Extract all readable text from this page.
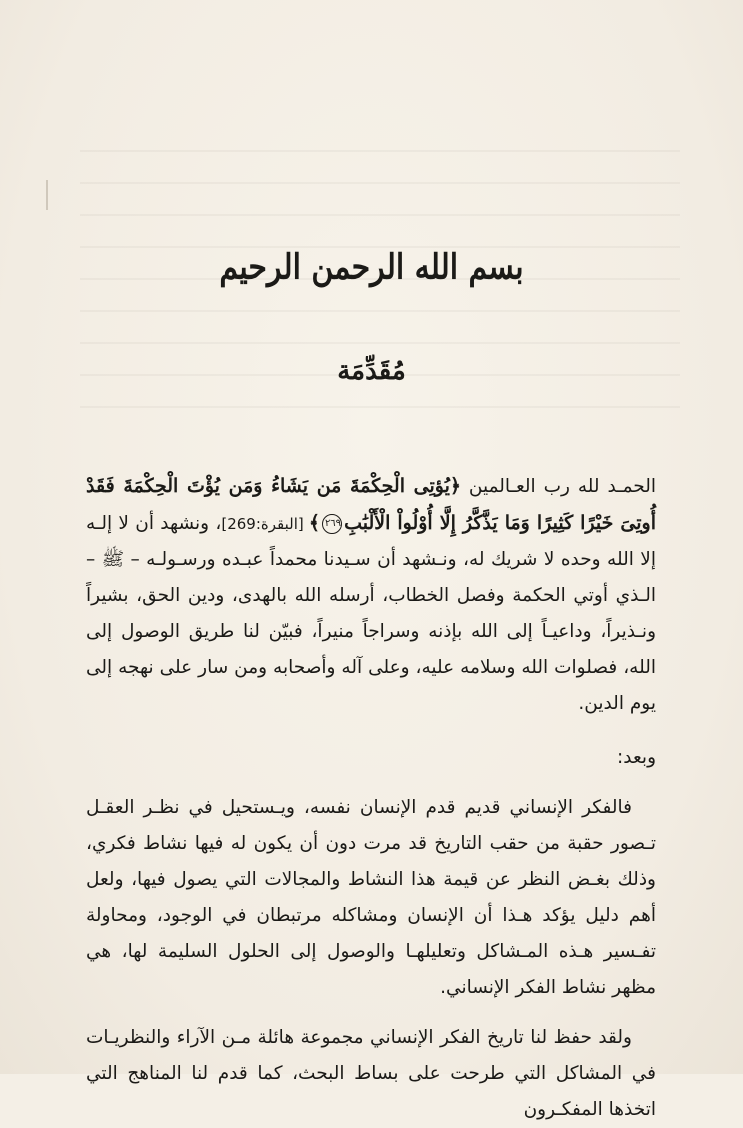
بسم الله الرحمن الرحيم
مُقَدِّمَة

الحمـد لله رب العـالمين ﴿يُؤتِى الْحِكْمَةَ مَن يَشَاءُ وَمَن يُؤْتَ الْحِكْمَةَ فَقَدْ أُوتِىَ خَيْرًا كَثِيرًا وَمَا يَذَّكَّرُ إِلَّا أُوْلُواْ الْأَلْبَٰبِ٢٦٩﴾ [البقرة:269]، ونشهد أن لا إلـه إلا الله وحده لا شريك له، ونـشهد أن سـيدنا محمداً عبـده ورسـولـه – ﷺ – الـذي أوتي الحكمة وفصل الخطاب، أرسله الله بالهدى، ودين الحق، بشيراً ونـذيراً، وداعيـاً إلى الله بإذنه وسراجاً منيراً، فبيّن لنا طريق الوصول إلى الله، فصلوات الله وسلامه عليه، وعلى آله وأصحابه ومن سار على نهجه إلى يوم الدين.

وبعد:

فالفكر الإنساني قديم قدم الإنسان نفسه، ويـستحيل في نظـر العقـل تـصور حقبة من حقب التاريخ قد مرت دون أن يكون له فيها نشاط فكري، وذلك بغـض النظر عن قيمة هذا النشاط والمجالات التي يصول فيها، ولعل أهم دليل يؤكد هـذا أن الإنسان ومشاكله مرتبطان في الوجود، ومحاولة تفـسير هـذه المـشاكل وتعليلهـا والوصول إلى الحلول السليمة لها، هي مظهر نشاط الفكر الإنساني.

ولقد حفظ لنا تاريخ الفكر الإنساني مجموعة هائلة مـن الآراء والنظريـات في المشاكل التي طرحت على بساط البحث، كما قدم لنا المناهج التي اتخذها المفكـرون
